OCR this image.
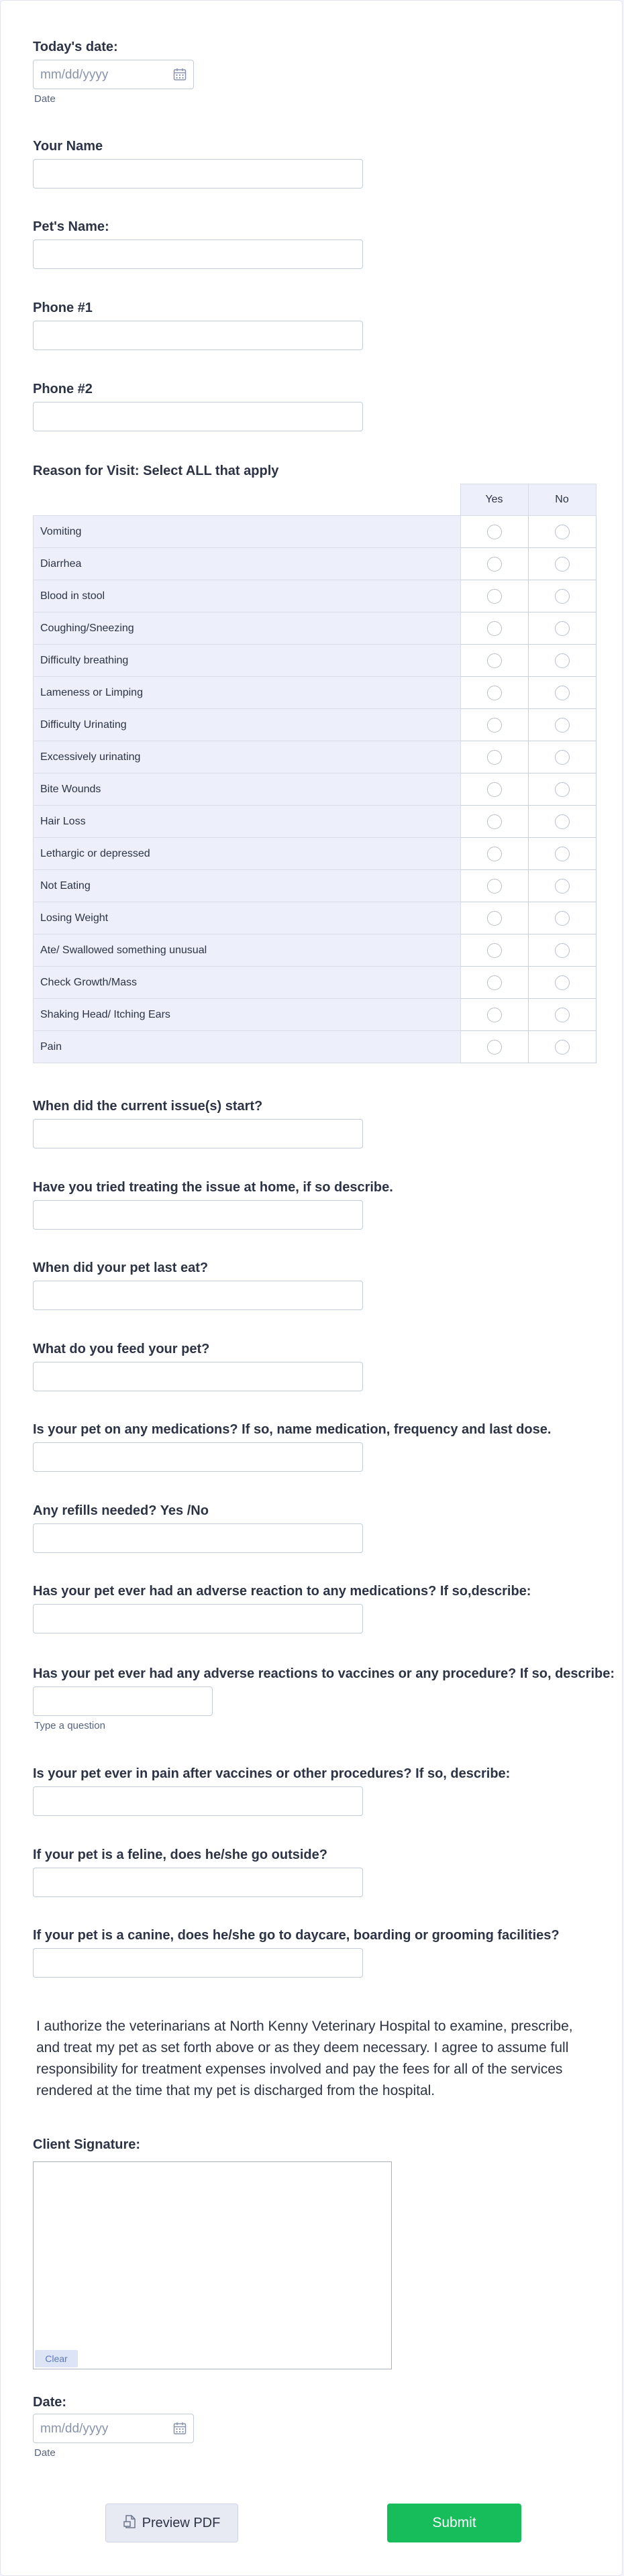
Today's date:
mm/dd/yyyy
Date
Your Name
Pet's Name:
Phone #1
Phone #2
Reason for Visit: Select ALL that apply
	Yes	No
Vomiting		
Diarrhea		
Blood in stool		
Coughing/Sneezing		
Difficulty breathing		
Lameness or Limping		
Difficulty Urinating		
Excessively urinating		
Bite Wounds		
Hair Loss		
Lethargic or depressed		
Not Eating		
Losing Weight		
Ate/ Swallowed something unusual		
Check Growth/Mass		
Shaking Head/ Itching Ears		
Pain		
When did the current issue(s) start?
Have you tried treating the issue at home, if so describe.
When did your pet last eat?
What do you feed your pet?
Is your pet on any medications? If so, name medication, frequency and last dose.
Any refills needed? Yes /No
Has your pet ever had an adverse reaction to any medications? If so,describe:
Has your pet ever had any adverse reactions to vaccines or any procedure? If so, describe:
Type a question
Is your pet ever in pain after vaccines or other procedures? If so, describe:
If your pet is a feline, does he/she go outside?
If your pet is a canine, does he/she go to daycare, boarding or grooming facilities?
I authorize the veterinarians at North Kenny Veterinary Hospital to examine, prescribe, and treat my pet as set forth above or as they deem necessary. I agree to assume full responsibility for treatment expenses involved and pay the fees for all of the services rendered at the time that my pet is discharged from the hospital.
Client Signature:
Clear
Date:
mm/dd/yyyy
Date
Preview PDF	Submit
